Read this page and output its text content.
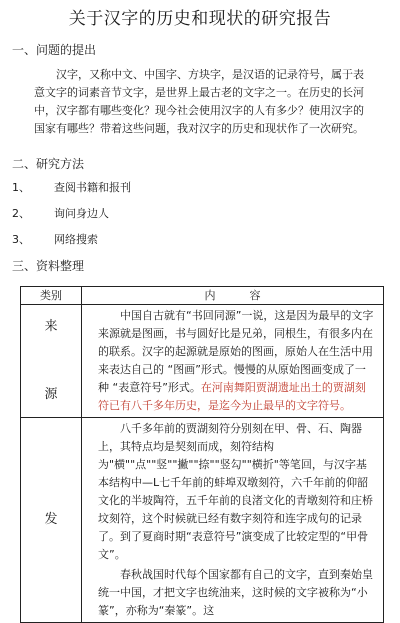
关于汉字的历史和现状的研究报告
一、问题的提出

汉字，又称中文、中国字、方块字，是汉语的记录符号，属于表意文字的词素音节文字，是世界上最古老的文字之一。在历史的长河中，汉字都有哪些变化？现今社会使用汉字的人有多少？使用汉字的国家有哪些？带着这些问题，我对汉字的历史和现状作了一次研究。

二、研究方法
1、 查阅书籍和报刊
2、 询问身边人
3、 网络搜索
三、资料整理
类别	内容
来
源	中国自古就有“书回同源”一说，这是因为最早的文字来源就是图画，书与圆好比是兄弟，同根生，有很多内在的联系。汉字的起源就是原始的图画，原始人在生活中用来表达自己的 “图画”形式。慢慢的从原始图画变成了一种 “表意符号”形式。在河南舞阳贾湖遗址出土的贾湖刻符已有八千多年历史，是迄今为止最早的文字符号。

发	八千多年前的贾湖刻符分别刻在甲、骨、石、陶器上，其特点均是契刻而成，刻符结构为"横""点""竖""撇""捺""竖勾""横折"等笔回，与汉字基本结构中—L七千年前的蚌埠双墩刻符，六千年前的仰韶文化的半坡陶符，五千年前的良渚文化的青墩刻符和庄桥坟刻符，这个时候就已经有数字刻符和连字成句的记录了。到了夏商时期“表意符号”演变成了比较定型的“甲骨文”。

春秋战国时代每个国家都有自己的文字，直到秦始皇统一中国，才把文字也统油来，这时候的文字被称为“小篆”，亦称为“秦篆”。这
